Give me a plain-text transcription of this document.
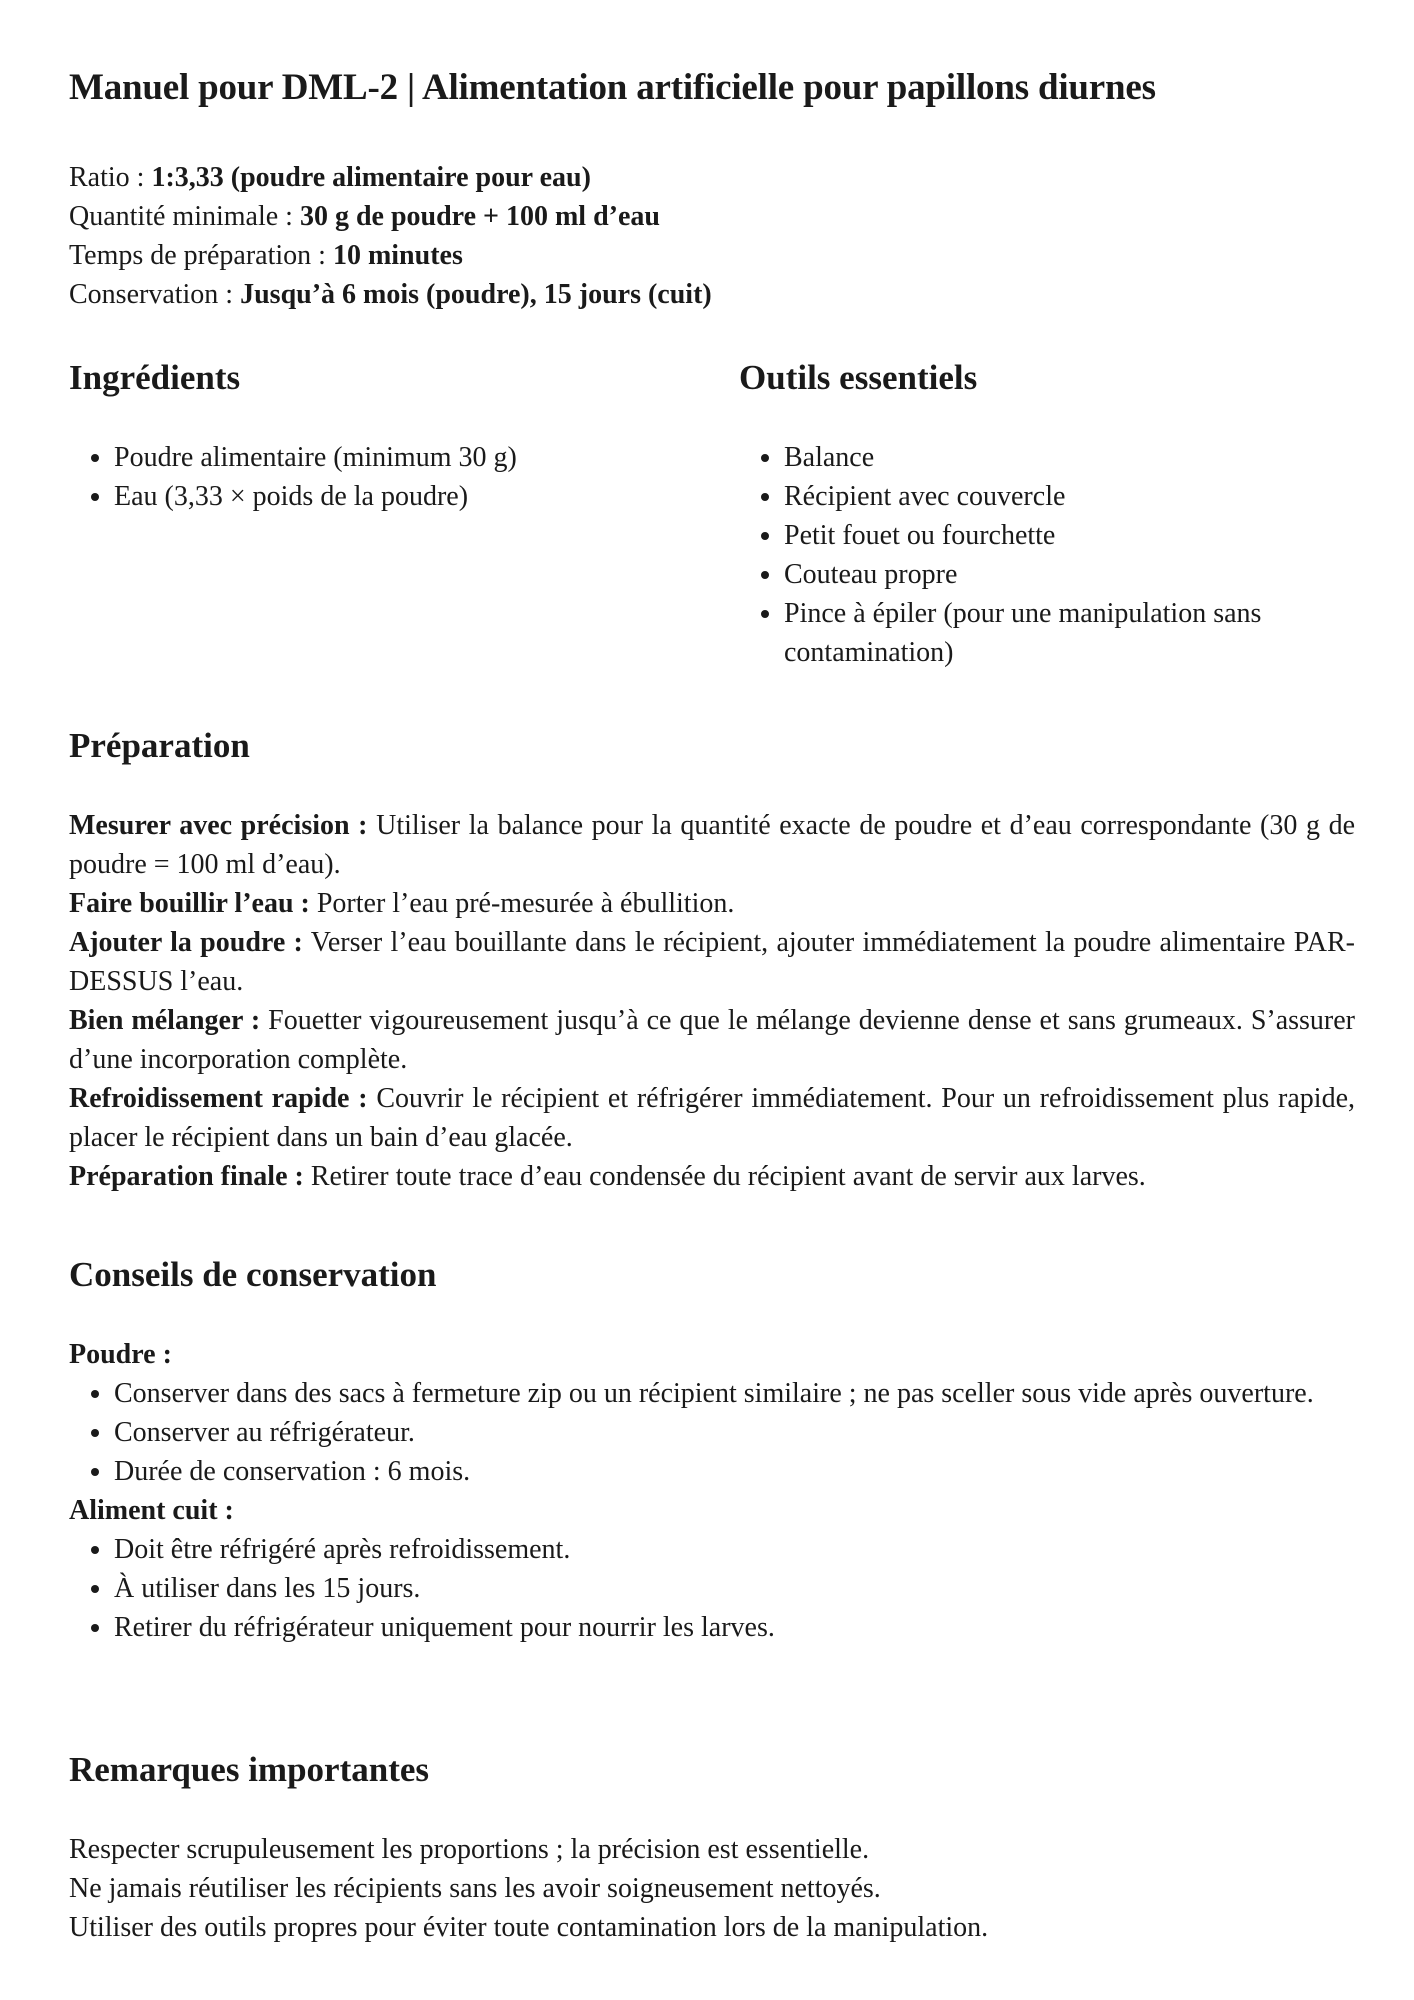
Manuel pour DML-2 | Alimentation artificielle pour papillons diurnes
Ratio : 1:3,33 (poudre alimentaire pour eau)
Quantité minimale : 30 g de poudre + 100 ml d’eau
Temps de préparation : 10 minutes
Conservation : Jusqu’à 6 mois (poudre), 15 jours (cuit)
Ingrédients
• Poudre alimentaire (minimum 30 g)
• Eau (3,33 × poids de la poudre)
Outils essentiels
• Balance
• Récipient avec couvercle
• Petit fouet ou fourchette
• Couteau propre
• Pince à épiler (pour une manipulation sans contamination)
Préparation

Mesurer avec précision : Utiliser la balance pour la quantité exacte de poudre et d’eau correspondante (30 g de poudre = 100 ml d’eau).

Faire bouillir l’eau : Porter l’eau pré-mesurée à ébullition.

Ajouter la poudre : Verser l’eau bouillante dans le récipient, ajouter immédiatement la poudre alimentaire PAR-DESSUS l’eau.

Bien mélanger : Fouetter vigoureusement jusqu’à ce que le mélange devienne dense et sans grumeaux. S’assurer d’une incorporation complète.

Refroidissement rapide : Couvrir le récipient et réfrigérer immédiatement. Pour un refroidissement plus rapide, placer le récipient dans un bain d’eau glacée.

Préparation finale : Retirer toute trace d’eau condensée du récipient avant de servir aux larves.

Conseils de conservation

Poudre :

• Conserver dans des sacs à fermeture zip ou un récipient similaire ; ne pas sceller sous vide après ouverture.
• Conserver au réfrigérateur.
• Durée de conservation : 6 mois.

Aliment cuit :

• Doit être réfrigéré après refroidissement.
• À utiliser dans les 15 jours.
• Retirer du réfrigérateur uniquement pour nourrir les larves.
Remarques importantes

Respecter scrupuleusement les proportions ; la précision est essentielle.

Ne jamais réutiliser les récipients sans les avoir soigneusement nettoyés.

Utiliser des outils propres pour éviter toute contamination lors de la manipulation.
